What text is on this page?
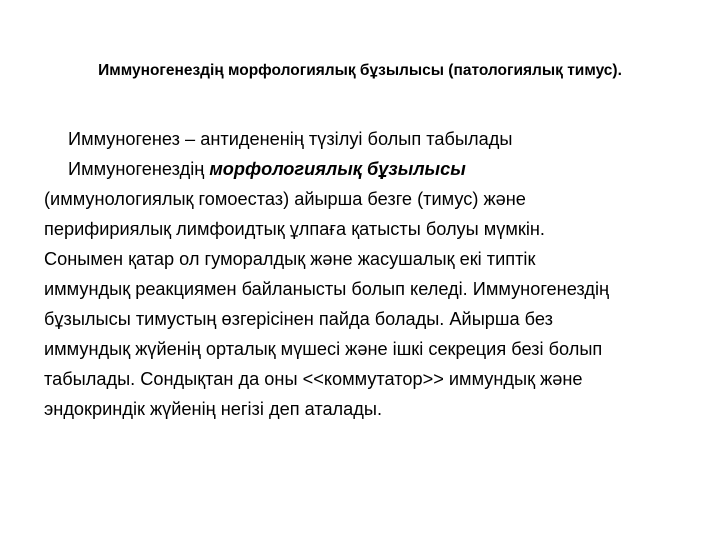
Иммуногенездің морфологиялық бұзылысы (патологиялық тимус).
Иммуногенез – антидененің түзілуі болып табылады
Иммуногенездің морфологиялық бұзылысы
(иммунологиялық гомоестаз) айырша безге (тимус) және
перифириялық лимфоидтық ұлпаға қатысты болуы мүмкін.
Сонымен қатар ол гуморалдық және жасушалық екі типтік
иммундық реакциямен байланысты болып келеді. Иммуногенездің
бұзылысы тимустың өзгерісінен пайда болады. Айырша без
иммундық жүйенің орталық мүшесі және ішкі секреция безі болып
табылады. Сондықтан да оны <<коммутатор>> иммундық және
эндокриндік жүйенің негізі деп аталады.
